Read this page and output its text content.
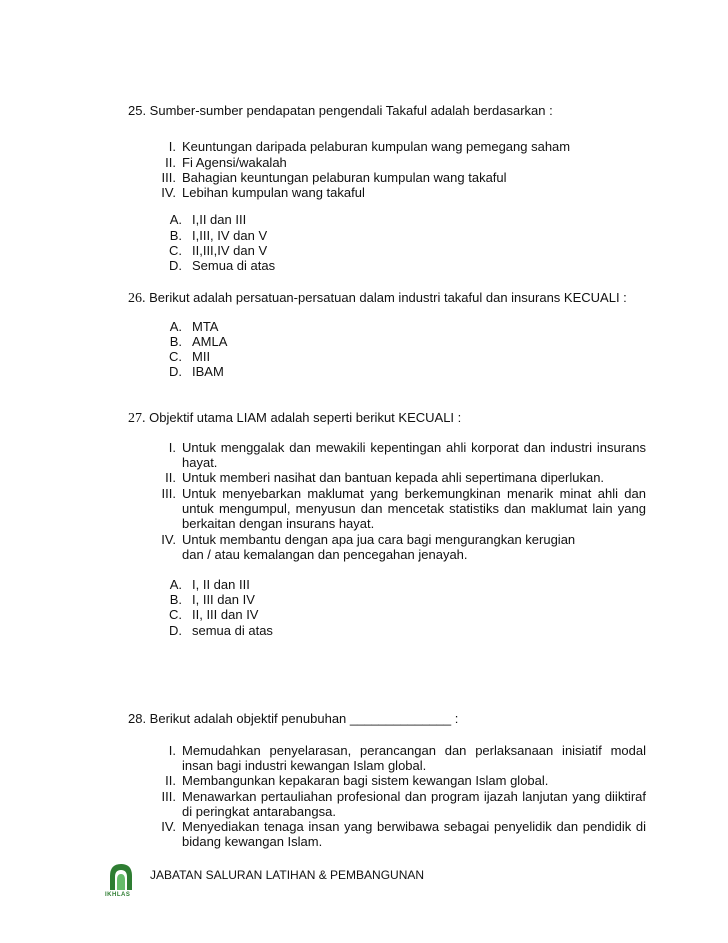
25. Sumber-sumber pendapatan pengendali Takaful adalah berdasarkan :
I. Keuntungan daripada pelaburan kumpulan wang pemegang saham
II. Fi Agensi/wakalah
III. Bahagian keuntungan pelaburan kumpulan wang takaful
IV. Lebihan kumpulan wang takaful
A. I,II dan III
B. I,III, IV dan V
C. II,III,IV dan V
D. Semua di atas
26. Berikut adalah persatuan-persatuan dalam industri takaful dan insurans KECUALI :
A. MTA
B. AMLA
C. MII
D. IBAM
27. Objektif utama LIAM adalah seperti berikut KECUALI :
I. Untuk menggalak dan mewakili kepentingan ahli korporat dan industri insurans hayat.
II. Untuk memberi nasihat dan bantuan kepada ahli sepertimana diperlukan.
III. Untuk menyebarkan maklumat yang berkemungkinan menarik minat ahli dan untuk mengumpul, menyusun dan mencetak statistiks dan maklumat lain yang berkaitan dengan insurans hayat.
IV. Untuk membantu dengan apa jua cara bagi mengurangkan kerugian dan / atau kemalangan dan pencegahan jenayah.
A. I, II dan III
B. I, III dan IV
C. II, III dan IV
D. semua di atas
28. Berikut adalah objektif penubuhan ______________ :
I. Memudahkan penyelarasan, perancangan dan perlaksanaan inisiatif modal insan bagi industri kewangan Islam global.
II. Membangunkan kepakaran bagi sistem kewangan Islam global.
III. Menawarkan pertauliahan profesional dan program ijazah lanjutan yang diiktiraf di peringkat antarabangsa.
IV. Menyediakan tenaga insan yang berwibawa sebagai penyelidik dan pendidik di bidang kewangan Islam.
IKHLAS
JABATAN SALURAN LATIHAN & PEMBANGUNAN
